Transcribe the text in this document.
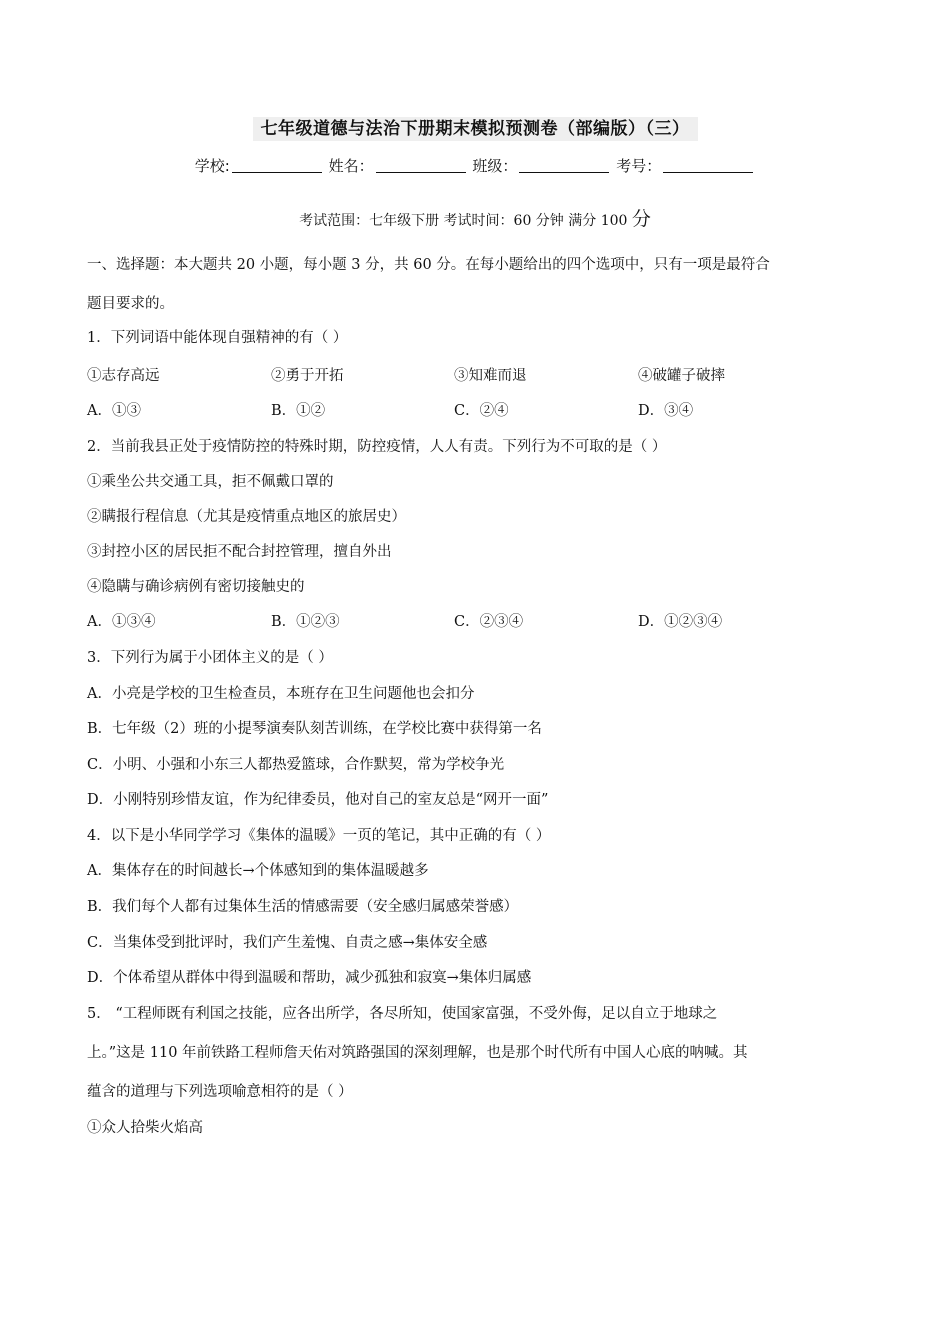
七年级道德与法治下册期末模拟预测卷（部编版）（三）
学校:	姓名：	班级：	考号：
考试范围：七年级下册 考试时间：60 分钟 满分 100 分
一、选择题：本大题共 20 小题，每小题 3 分，共 60 分。在每小题给出的四个选项中，只有一项是最符合
题目要求的。
1．下列词语中能体现自强精神的有（ ）
①志存高远	②勇于开拓	③知难而退	④破罐子破摔
A．①③	B．①②	C．②④	D．③④
2．当前我县正处于疫情防控的特殊时期，防控疫情，人人有责。下列行为不可取的是（ ）
①乘坐公共交通工具，拒不佩戴口罩的
②瞒报行程信息（尤其是疫情重点地区的旅居史）
③封控小区的居民拒不配合封控管理，擅自外出
④隐瞒与确诊病例有密切接触史的
A．①③④	B．①②③	C．②③④	D．①②③④
3．下列行为属于小团体主义的是（ ）
A．小亮是学校的卫生检查员，本班存在卫生问题他也会扣分
B．七年级（2）班的小提琴演奏队刻苦训练，在学校比赛中获得第一名
C．小明、小强和小东三人都热爱篮球，合作默契，常为学校争光
D．小刚特别珍惜友谊，作为纪律委员，他对自己的室友总是“网开一面”
4．以下是小华同学学习《集体的温暖》一页的笔记，其中正确的有（ ）
A．集体存在的时间越长→个体感知到的集体温暖越多
B．我们每个人都有过集体生活的情感需要（安全感归属感荣誉感）
C．当集体受到批评时，我们产生羞愧、自责之感→集体安全感
D．个体希望从群体中得到温暖和帮助，减少孤独和寂寞→集体归属感
5． “工程师既有利国之技能，应各出所学，各尽所知，使国家富强，不受外侮，足以自立于地球之
上。”这是 110 年前铁路工程师詹天佑对筑路强国的深刻理解，也是那个时代所有中国人心底的呐喊。其
蕴含的道理与下列选项喻意相符的是（ ）
①众人拾柴火焰高
